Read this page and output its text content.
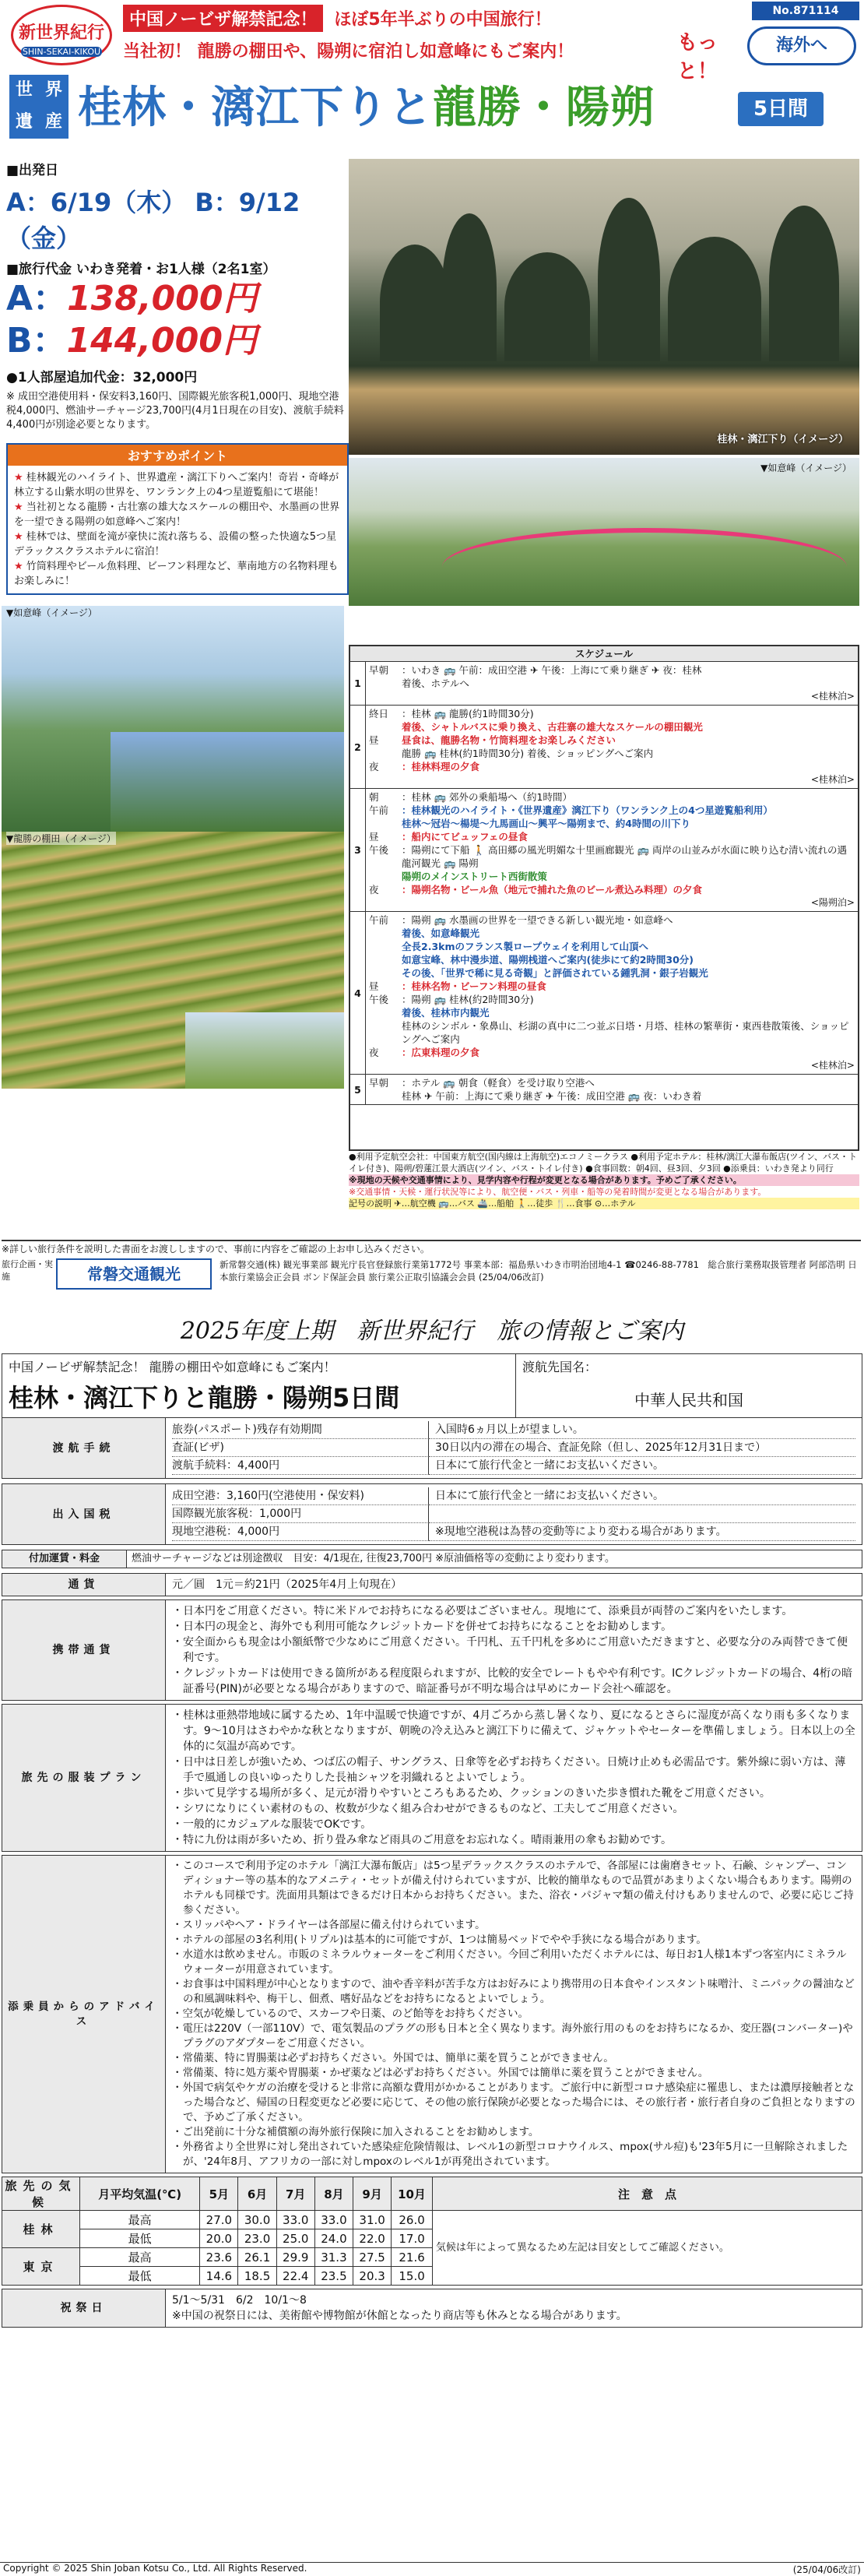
新世界紀行
SHIN-SEKAI-KIKOU
中国ノービザ解禁記念！	ほぼ5年半ぶりの中国旅行！
当社初！ 龍勝の棚田や、陽朔に宿泊し如意峰にもご案内！
No.871114
もっと！
海外へ
世 界
遺 産 桂林・漓江下りと龍勝・陽朔	5日間
■出発日
A：6/19（木） B：9/12（金）
■旅行代金 いわき発着・お1人様（2名1室）
A：138,000円
B：144,000円
●1人部屋追加代金：32,000円
※ 成田空港使用料・保安料3,160円、国際観光旅客税1,000円、現地空港税4,000円、燃油サーチャージ23,700円(4月1日現在の目安)、渡航手続料4,400円が別途必要となります。
おすすめポイント
★ 桂林観光のハイライト、世界遺産・漓江下りへご案内！奇岩・奇峰が林立する山紫水明の世界を、ワンランク上の4つ星遊覧船にて堪能！
★ 当社初となる龍勝・古壮寨の雄大なスケールの棚田や、水墨画の世界を一望できる陽朔の如意峰へご案内！
★ 桂林では、壁面を滝が豪快に流れ落ちる、設備の整った快適な5つ星デラックスクラスホテルに宿泊！
★ 竹筒料理やビール魚料理、ビーフン料理など、華南地方の名物料理もお楽しみに！
桂林・漓江下り（イメージ）
▼如意峰（イメージ）
▼如意峰（イメージ）
▼龍勝の棚田（イメージ）
スケジュール
1
早朝	：いわき 🚌 午前：成田空港 ✈ 午後：上海にて乗り継ぎ ✈ 夜：桂林
着後、ホテルへ
<桂林泊>
2
終日	：桂林 🚌 龍勝(約1時間30分)
着後、シャトルバスに乗り換え、古荘寨の雄大なスケールの棚田観光
昼	昼食は、龍勝名物・竹筒料理をお楽しみください
龍勝 🚌 桂林(約1時間30分) 着後、ショッピングへご案内
夜	：桂林料理の夕食
<桂林泊>
3
朝	：桂林 🚌 郊外の乗船場へ（約1時間）
午前	：桂林観光のハイライト・《世界遺産》漓江下り（ワンランク上の4つ星遊覧船利用）
桂林〜冠岩〜楊堤〜九馬画山〜興平〜陽朔まで、約4時間の川下り
昼	：船内にてビュッフェの昼食
午後	：陽朔にて下船 🚶 高田郷の風光明媚な十里画廊観光 🚌 両岸の山並みが水面に映り込む清い流れの遇龍河観光 🚌 陽朔
陽朔のメインストリート西街散策
夜	：陽朔名物・ビール魚（地元で捕れた魚のビール煮込み料理）の夕食
<陽朔泊>
4
午前	：陽朔 🚌 水墨画の世界を一望できる新しい観光地・如意峰へ
着後、如意峰観光
全長2.3kmのフランス製ロープウェイを利用して山頂へ
如意宝峰、林中漫歩道、陽朔桟道へご案内(徒歩にて約2時間30分)
その後、「世界で稀に見る奇観」と評価されている鍾乳洞・銀子岩観光
昼	：桂林名物・ビーフン料理の昼食
午後	：陽朔 🚌 桂林(約2時間30分)
着後、桂林市内観光
桂林のシンボル・象鼻山、杉湖の真中に二つ並ぶ日塔・月塔、桂林の繁華街・東西巷散策後、ショッピングへご案内
夜	：広東料理の夕食
<桂林泊>
5
早朝	：ホテル 🚌 朝食（軽食）を受け取り空港へ
桂林 ✈ 午前：上海にて乗り継ぎ ✈ 午後：成田空港 🚌 夜：いわき着
●利用予定航空会社：中国東方航空(国内線は上海航空)エコノミークラス ●利用予定ホテル：桂林/漓江大瀑布飯店(ツイン、バス・トイレ付き)、陽朔/碧蓮江景大酒店(ツイン、バス・トイレ付き) ●食事回数：朝4回、昼3回、夕3回 ●添乗員：いわき発より同行
※現地の天候や交通事情により、見学内容や行程が変更となる場合があります。予めご了承ください。
※交通事情・天候・運行状況等により、航空便・バス・列車・船等の発着時間が変更となる場合があります。
記号の説明 ✈…航空機 🚌…バス 🚢…船舶 🚶…徒歩 🍴…食事 ⊙…ホテル
※詳しい旅行条件を説明した書面をお渡ししますので、事前に内容をご確認の上お申し込みください。
旅行企画・実施	常磐交通観光	新常磐交通(株) 観光事業部 観光庁長官登録旅行業第1772号 事業本部：福島県いわき市明治団地4-1 ☎0246-88-7781　総合旅行業務取扱管理者 阿部浩明 日本旅行業協会正会員 ボンド保証会員 旅行業公正取引協議会会員 (25/04/06改訂)
2025年度上期　新世界紀行　旅の情報とご案内
中国ノービザ解禁記念！ 龍勝の棚田や如意峰にもご案内！
桂林・漓江下りと龍勝・陽朔5日間
渡航先国名：
中華人民共和国
渡航手続
旅券(パスポート)残存有効期間	入国時6ヵ月以上が望ましい。
査証(ビザ)	30日以内の滞在の場合、査証免除（但し、2025年12月31日まで）
渡航手続料：4,400円	日本にて旅行代金と一緒にお支払いください。
出入国税
成田空港：3,160円(空港使用・保安料)	日本にて旅行代金と一緒にお支払いください。
国際観光旅客税：1,000円
現地空港税：4,000円	※現地空港税は為替の変動等により変わる場合があります。
付加運賃・料金	燃油サーチャージなどは別途徴収　目安：4/1現在, 往復23,700円 ※原油価格等の変動により変わります。
通貨	元／圓　1元＝約21円（2025年4月上旬現在）
携帯通貨
・ 日本円をご用意ください。特に米ドルでお持ちになる必要はございません。現地にて、添乗員が両替のご案内をいたします。
・ 日本円の現金と、海外でも利用可能なクレジットカードを併せてお持ちになることをお勧めします。
・ 安全面からも現金は小額紙幣で少なめにご用意ください。千円札、五千円札を多めにご用意いただきますと、必要な分のみ両替できて便利です。
・ クレジットカードは使用できる箇所がある程度限られますが、比較的安全でレートもやや有利です。ICクレジットカードの場合、4桁の暗証番号(PIN)が必要となる場合がありますので、暗証番号が不明な場合は早めにカード会社へ確認を。
旅先の服装プラン
・ 桂林は亜熱帯地域に属するため、1年中温暖で快適ですが、4月ごろから蒸し暑くなり、夏になるとさらに湿度が高くなり雨も多くなります。9〜10月はさわやかな秋となりますが、朝晩の冷え込みと漓江下りに備えて、ジャケットやセーターを準備しましょう。日本以上の全体的に気温が高めです。
・ 日中は日差しが強いため、つば広の帽子、サングラス、日傘等を必ずお持ちください。日焼け止めも必需品です。紫外線に弱い方は、薄手で風通しの良いゆったりした長袖シャツを羽織れるとよいでしょう。
・ 歩いて見学する場所が多く、足元が滑りやすいところもあるため、クッションのきいた歩き慣れた靴をご用意ください。
・ シワになりにくい素材のもの、枚数が少なく組み合わせができるものなど、工夫してご用意ください。
・ 一般的にカジュアルな服装でOKです。
・ 特に九份は雨が多いため、折り畳み傘など雨具のご用意をお忘れなく。晴雨兼用の傘もお勧めです。
添乗員からのアドバイス
・ このコースで利用予定のホテル「漓江大瀑布飯店」は5つ星デラックスクラスのホテルで、各部屋には歯磨きセット、石鹸、シャンプー、コンディショナー等の基本的なアメニティ・セットが備え付けられていますが、比較的簡単なもので品質があまりよくない場合もあります。陽朔のホテルも同様です。洗面用具類はできるだけ日本からお持ちください。また、浴衣・パジャマ類の備え付けもありませんので、必要に応じご持参ください。
・ スリッパやヘア・ドライヤーは各部屋に備え付けられています。
・ ホテルの部屋の3名利用(トリプル)は基本的に可能ですが、1つは簡易ベッドでやや手狭になる場合があります。
・ 水道水は飲めません。市販のミネラルウォーターをご利用ください。今回ご利用いただくホテルには、毎日お1人様1本ずつ客室内にミネラルウォーターが用意されています。
・ お食事は中国料理が中心となりますので、油や香辛料が苦手な方はお好みにより携帯用の日本食やインスタント味噌汁、ミニパックの醤油などの和風調味料や、梅干し、佃煮、嗜好品などをお持ちになるとよいでしょう。
・ 空気が乾燥しているので、スカーフや日薬、のど飴等をお持ちください。
・ 電圧は220V（一部110V）で、電気製品のプラグの形も日本と全く異なります。海外旅行用のものをお持ちになるか、変圧器(コンバーター)やプラグのアダプターをご用意ください。
・ 常備薬、特に胃腸薬は必ずお持ちください。外国では、簡単に薬を買うことができません。
・ 常備薬、特に処方薬や胃腸薬・かぜ薬などは必ずお持ちください。外国では簡単に薬を買うことができません。
・ 外国で病気やケガの治療を受けると非常に高額な費用がかかることがあります。ご旅行中に新型コロナ感染症に罹患し、または濃厚接触者となった場合など、帰国の日程変更など必要に応じて、その他の旅行保険が必要となった場合には、その旅行者・旅行者自身のご負担となりますので、予めご了承ください。
・ ご出発前に十分な補償額の海外旅行保険に加入されることをお勧めします。
・ 外務省より全世界に対し発出されていた感染症危険情報は、レベル1の新型コロナウイルス、mpox(サル痘)も'23年5月に一旦解除されましたが、'24年8月、アフリカの一部に対しmpoxのレベル1が再発出されています。
旅先の気候	月平均気温(℃)	5月	6月	7月	8月	9月	10月	注　意　点
桂林	最高	27.0	30.0	33.0	33.0	31.0	26.0	気候は年によって異なるため左記は目安としてご確認ください。
	最低	20.0	23.0	25.0	24.0	22.0	17.0	
東京	最高	23.6	26.1	29.9	31.3	27.5	21.6	
	最低	14.6	18.5	22.4	23.5	20.3	15.0	
祝祭日
5/1〜5/31　6/2　10/1〜8
※中国の祝祭日には、美術館や博物館が休館となったり商店等も休みとなる場合があります。
Copyright © 2025 Shin Joban Kotsu Co., Ltd. All Rights Reserved.	(25/04/06改訂)
